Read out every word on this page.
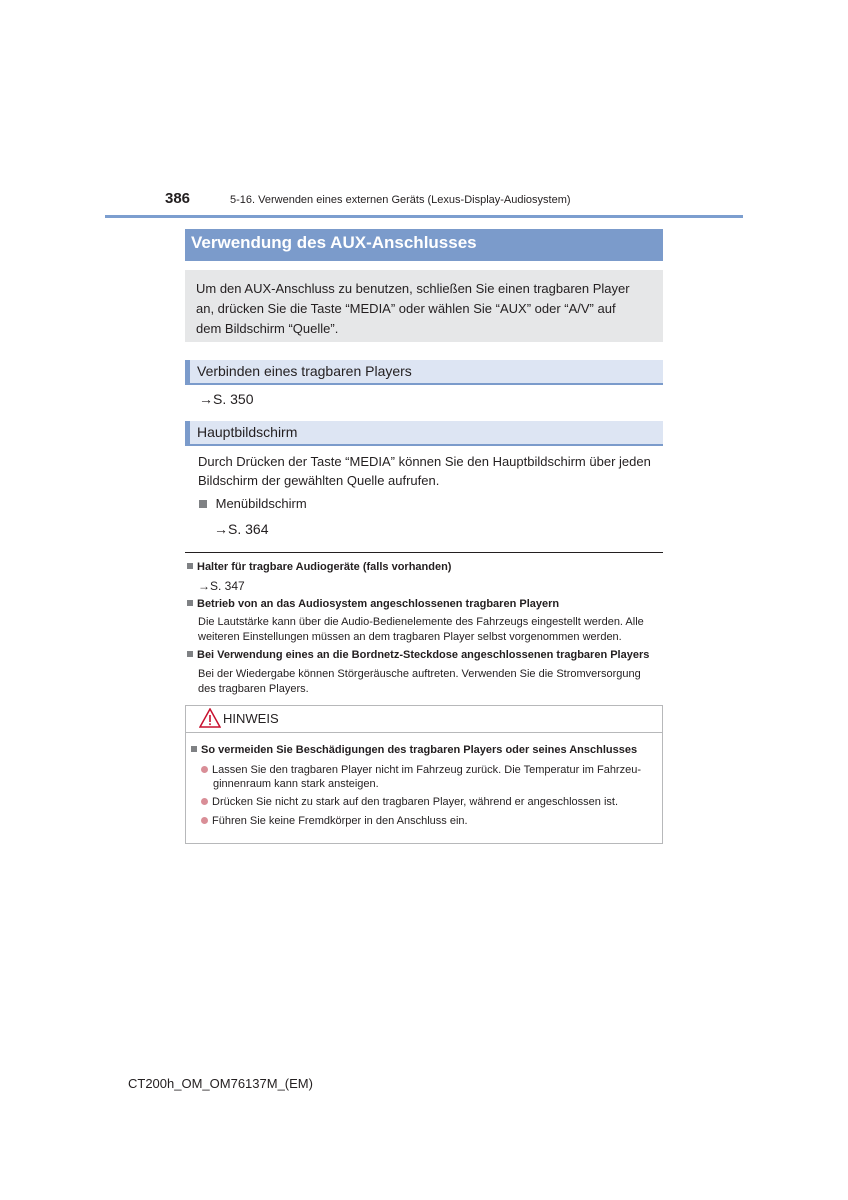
386	5-16. Verwenden eines externen Geräts (Lexus-Display-Audiosystem)
Verwendung des AUX-Anschlusses
Um den AUX-Anschluss zu benutzen, schließen Sie einen tragbaren Player
an, drücken Sie die Taste “MEDIA” oder wählen Sie “AUX” oder “A/V” auf
dem Bildschirm “Quelle”.
Verbinden eines tragbaren Players
→S. 350
Hauptbildschirm
Durch Drücken der Taste “MEDIA” können Sie den Hauptbildschirm über jeden
Bildschirm der gewählten Quelle aufrufen.
Menübildschirm
→S. 364
Halter für tragbare Audiogeräte (falls vorhanden)
→S. 347
Betrieb von an das Audiosystem angeschlossenen tragbaren Playern
Die Lautstärke kann über die Audio-Bedienelemente des Fahrzeugs eingestellt werden. Alle
weiteren Einstellungen müssen an dem tragbaren Player selbst vorgenommen werden.
Bei Verwendung eines an die Bordnetz-Steckdose angeschlossenen tragbaren Players
Bei der Wiedergabe können Störgeräusche auftreten. Verwenden Sie die Stromversorgung
des tragbaren Players.
HINWEIS
So vermeiden Sie Beschädigungen des tragbaren Players oder seines Anschlusses
Lassen Sie den tragbaren Player nicht im Fahrzeug zurück. Die Temperatur im Fahrzeu-
ginnenraum kann stark ansteigen.
Drücken Sie nicht zu stark auf den tragbaren Player, während er angeschlossen ist.
Führen Sie keine Fremdkörper in den Anschluss ein.
CT200h_OM_OM76137M_(EM)
